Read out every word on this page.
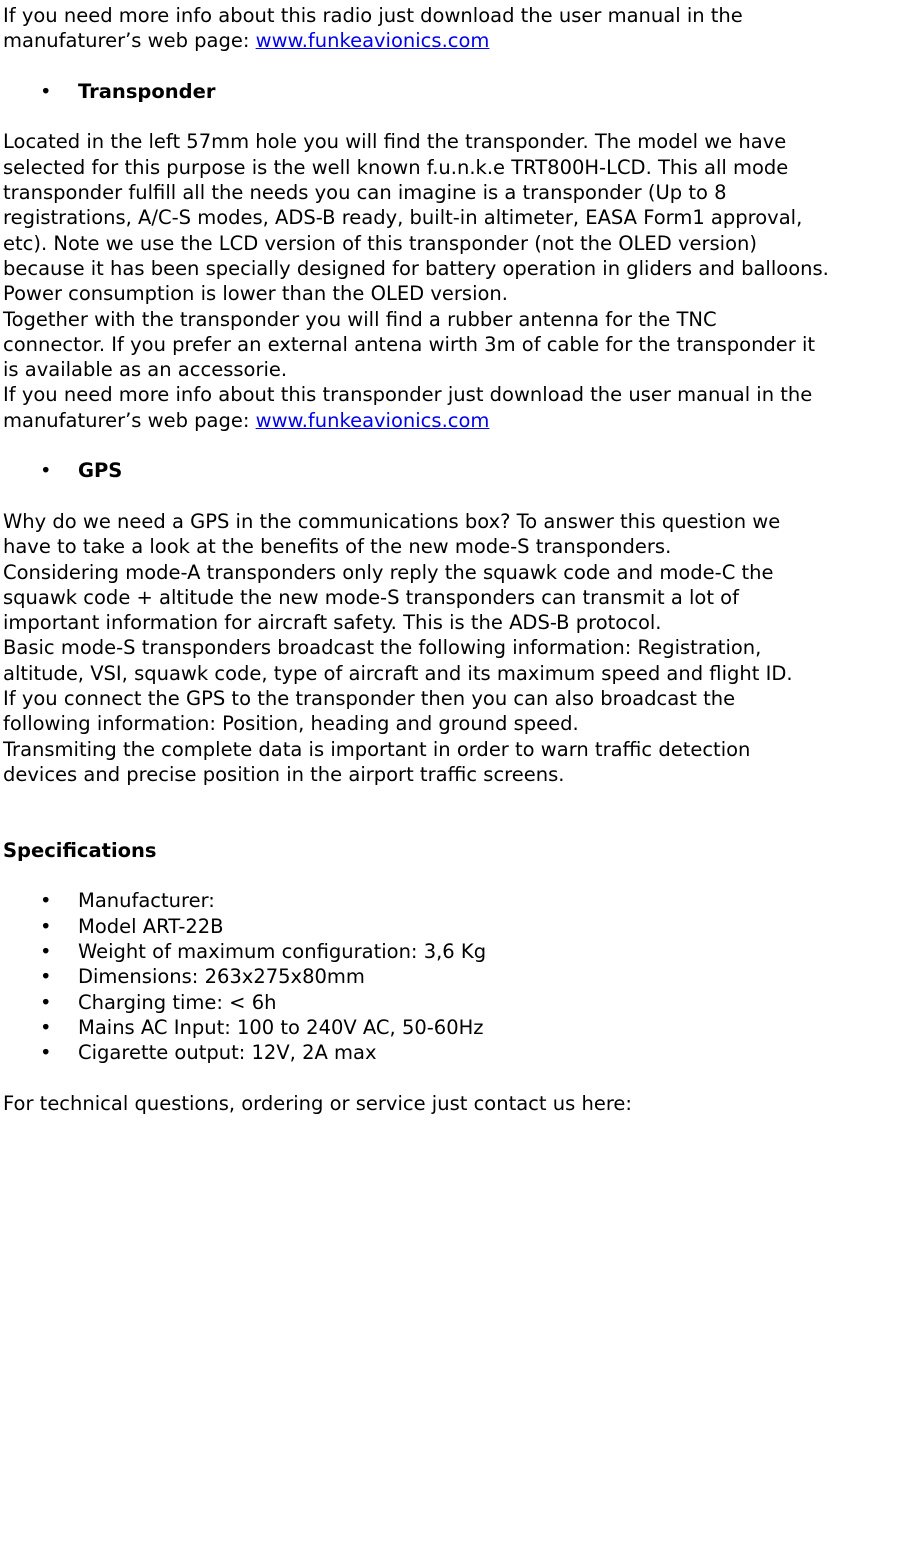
If you need more info about this radio just download the user manual in the

manufaturer’s web page: www.funkeavionics.com

• Transponder

Located in the left 57mm hole you will find the transponder. The model we have

selected for this purpose is the well known f.u.n.k.e TRT800H-LCD. This all mode

transponder fulfill all the needs you can imagine is a transponder (Up to 8

registrations, A/C-S modes, ADS-B ready, built-in altimeter, EASA Form1 approval,

etc). Note we use the LCD version of this transponder (not the OLED version)

because it has been specially designed for battery operation in gliders and balloons.

Power consumption is lower than the OLED version.

Together with the transponder you will find a rubber antenna for the TNC

connector. If you prefer an external antena wirth 3m of cable for the transponder it

is available as an accessorie.

If you need more info about this transponder just download the user manual in the

manufaturer’s web page: www.funkeavionics.com

• GPS

Why do we need a GPS in the communications box? To answer this question we

have to take a look at the benefits of the new mode-S transponders.

Considering mode-A transponders only reply the squawk code and mode-C the

squawk code + altitude the new mode-S transponders can transmit a lot of

important information for aircraft safety. This is the ADS-B protocol.

Basic mode-S transponders broadcast the following information: Registration,

altitude, VSI, squawk code, type of aircraft and its maximum speed and flight ID.

If you connect the GPS to the transponder then you can also broadcast the

following information: Position, heading and ground speed.

Transmiting the complete data is important in order to warn traffic detection

devices and precise position in the airport traffic screens.

Specifications

• Manufacturer:
• Model ART-22B
• Weight of maximum configuration: 3,6 Kg
• Dimensions: 263x275x80mm
• Charging time: < 6h
• Mains AC Input: 100 to 240V AC, 50-60Hz
• Cigarette output: 12V, 2A max

For technical questions, ordering or service just contact us here:
